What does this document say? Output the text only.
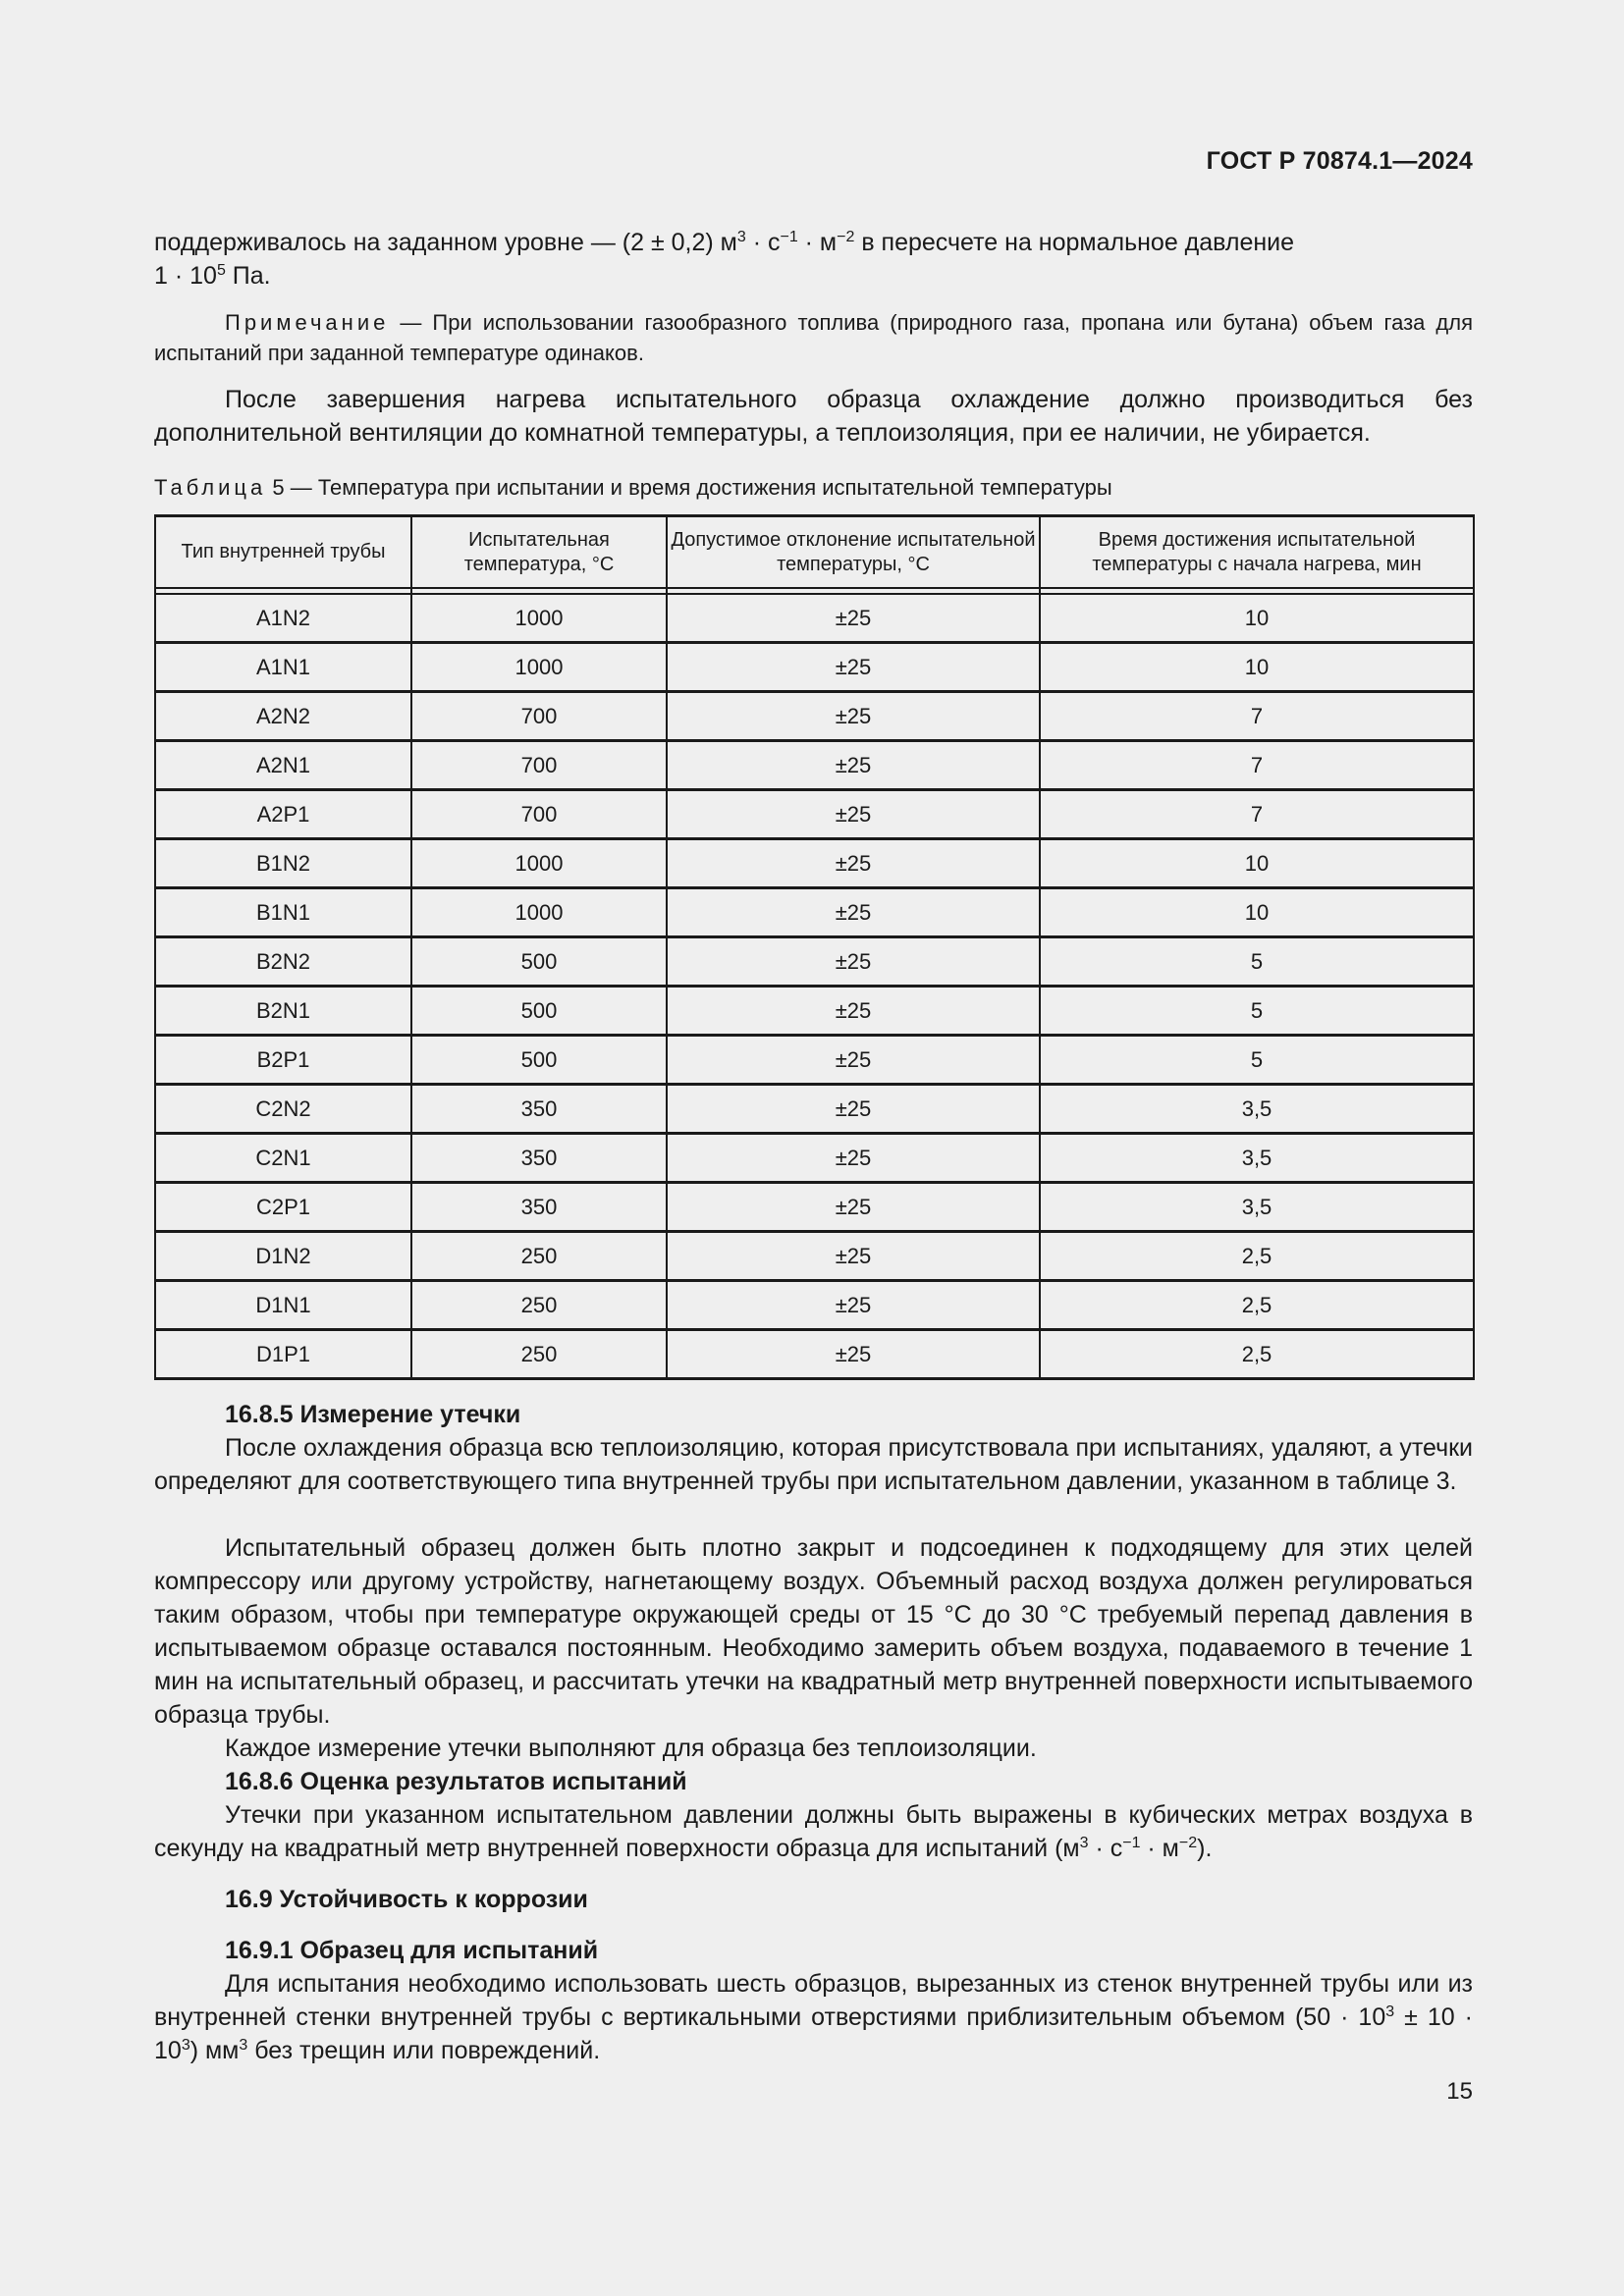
ГОСТ Р 70874.1—2024
поддерживалось на заданном уровне — (2 ± 0,2) $м^3 \cdot с^{-1} \cdot м^{-2}$ в пересчете на нормальное давление
$1 \cdot 10^5$ Па.
Примечание — При использовании газообразного топлива (природного газа, пропана или бутана) объем газа для испытаний при заданной температуре одинаков.
После завершения нагрева испытательного образца охлаждение должно производиться без дополнительной вентиляции до комнатной температуры, а теплоизоляция, при ее наличии, не убирается.
Таблица 5 — Температура при испытании и время достижения испытательной температуры
Тип внутренней трубы	Испытательная температура, °С	Допустимое отклонение испытательной температуры, °С	Время достижения испытательной температуры с начала нагрева, мин

A1N2	1000	±25	10
A1N1	1000	±25	10
A2N2	700	±25	7
A2N1	700	±25	7
A2P1	700	±25	7
B1N2	1000	±25	10
B1N1	1000	±25	10
B2N2	500	±25	5
B2N1	500	±25	5
B2P1	500	±25	5
C2N2	350	±25	3,5
C2N1	350	±25	3,5
C2P1	350	±25	3,5
D1N2	250	±25	2,5
D1N1	250	±25	2,5
D1P1	250	±25	2,5
16.8.5 Измерение утечки
После охлаждения образца всю теплоизоляцию, которая присутствовала при испытаниях, удаляют, а утечки определяют для соответствующего типа внутренней трубы при испытательном давлении, указанном в таблице 3.
Испытательный образец должен быть плотно закрыт и подсоединен к подходящему для этих целей компрессору или другому устройству, нагнетающему воздух. Объемный расход воздуха должен регулироваться таким образом, чтобы при температуре окружающей среды от 15 °С до 30 °С требуемый перепад давления в испытываемом образце оставался постоянным. Необходимо замерить объем воздуха, подаваемого в течение 1 мин на испытательный образец, и рассчитать утечки на квадратный метр внутренней поверхности испытываемого образца трубы.
Каждое измерение утечки выполняют для образца без теплоизоляции.
16.8.6 Оценка результатов испытаний
Утечки при указанном испытательном давлении должны быть выражены в кубических метрах воздуха в секунду на квадратный метр внутренней поверхности образца для испытаний $(м^3 \cdot с^{-1} \cdot м^{-2})$.
16.9 Устойчивость к коррозии
16.9.1 Образец для испытаний
Для испытания необходимо использовать шесть образцов, вырезанных из стенок внутренней трубы или из внутренней стенки внутренней трубы с вертикальными отверстиями приблизительным объемом $(50 \cdot 10^3 \pm 10 \cdot 10^3)$ $мм^3$ без трещин или повреждений.
15
